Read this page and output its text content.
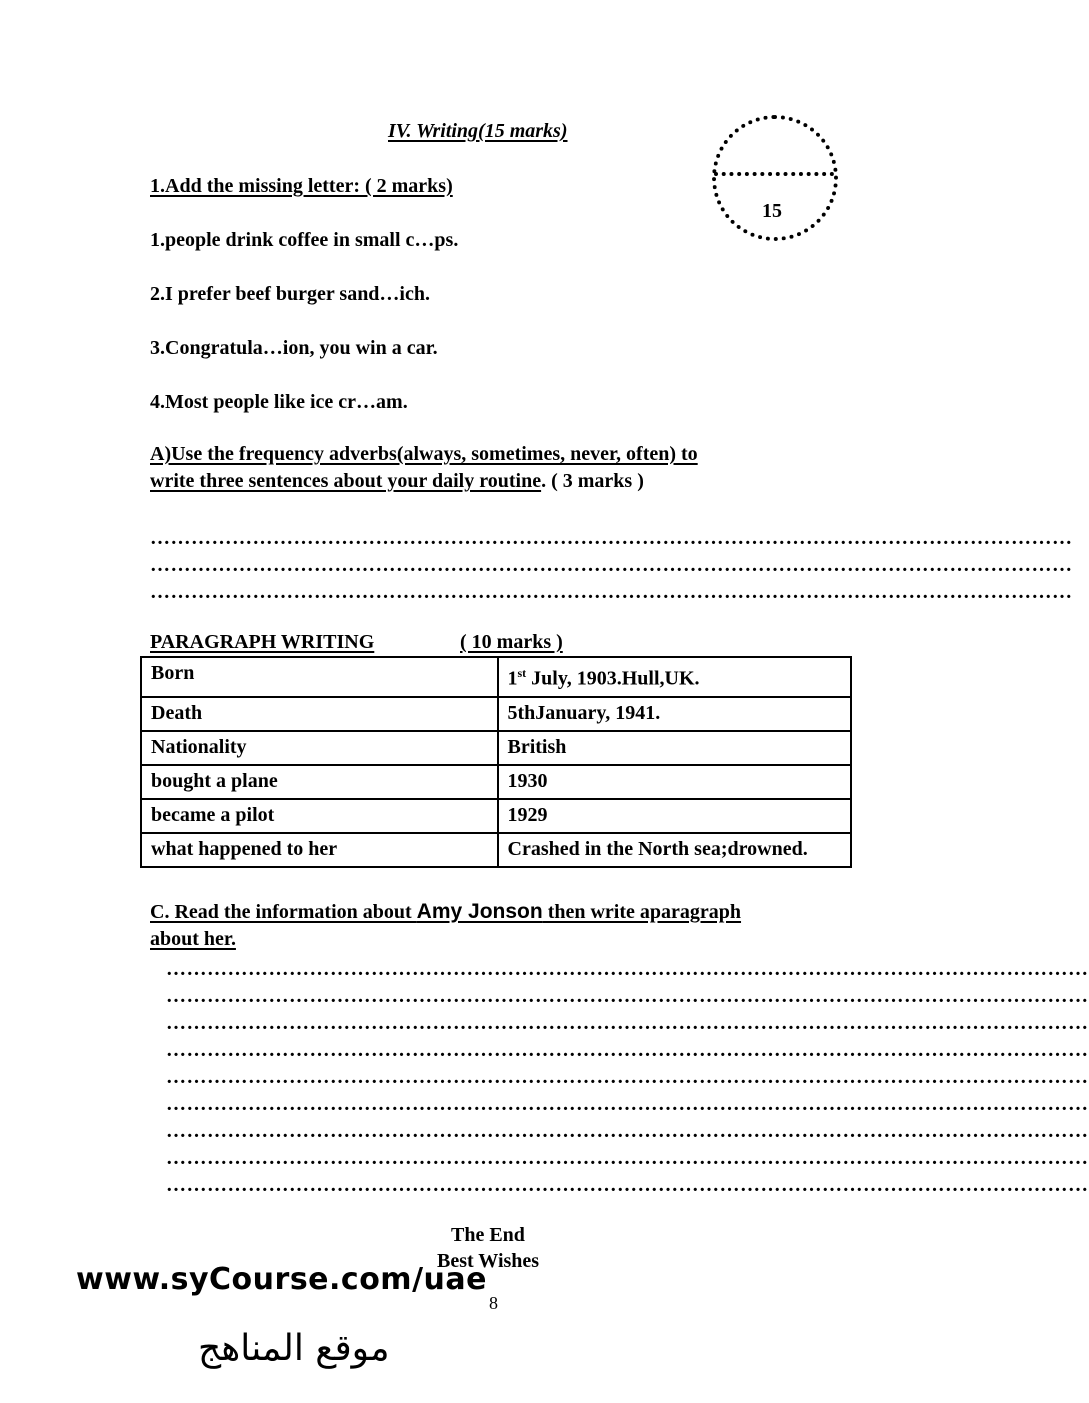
IV. Writing(15 marks)
15
1.Add the missing letter: ( 2 marks)
1.people drink coffee in small c…ps.
2.I prefer beef burger sand…ich.
3.Congratula…ion, you win a car.
4.Most people like ice cr…am.
A)Use the frequency adverbs(always, sometimes, never, often) to
write three sentences about your daily routine. ( 3 marks )
………………………………………………………………………………………………………………………
………………………………………………………………………………………………………………………
………………………………………………………………………………………………………………………
PARAGRAPH WRITING	( 10 marks )
Born	1st July, 1903.Hull,UK.
Death	5thJanuary, 1941.
Nationality	British
bought a plane	1930
became a pilot	1929
what happened to her	Crashed in the North sea;drowned.
C. Read the information about Amy Jonson then write aparagraph
about her.
………………………………………………………………………………………………………………………
………………………………………………………………………………………………………………………
………………………………………………………………………………………………………………………
………………………………………………………………………………………………………………………
………………………………………………………………………………………………………………………
………………………………………………………………………………………………………………………
………………………………………………………………………………………………………………………
………………………………………………………………………………………………………………………
………………………………………………………………………………………………………………………
The End
Best Wishes
www.syCourse.com/uae
8
موقع المناهج
